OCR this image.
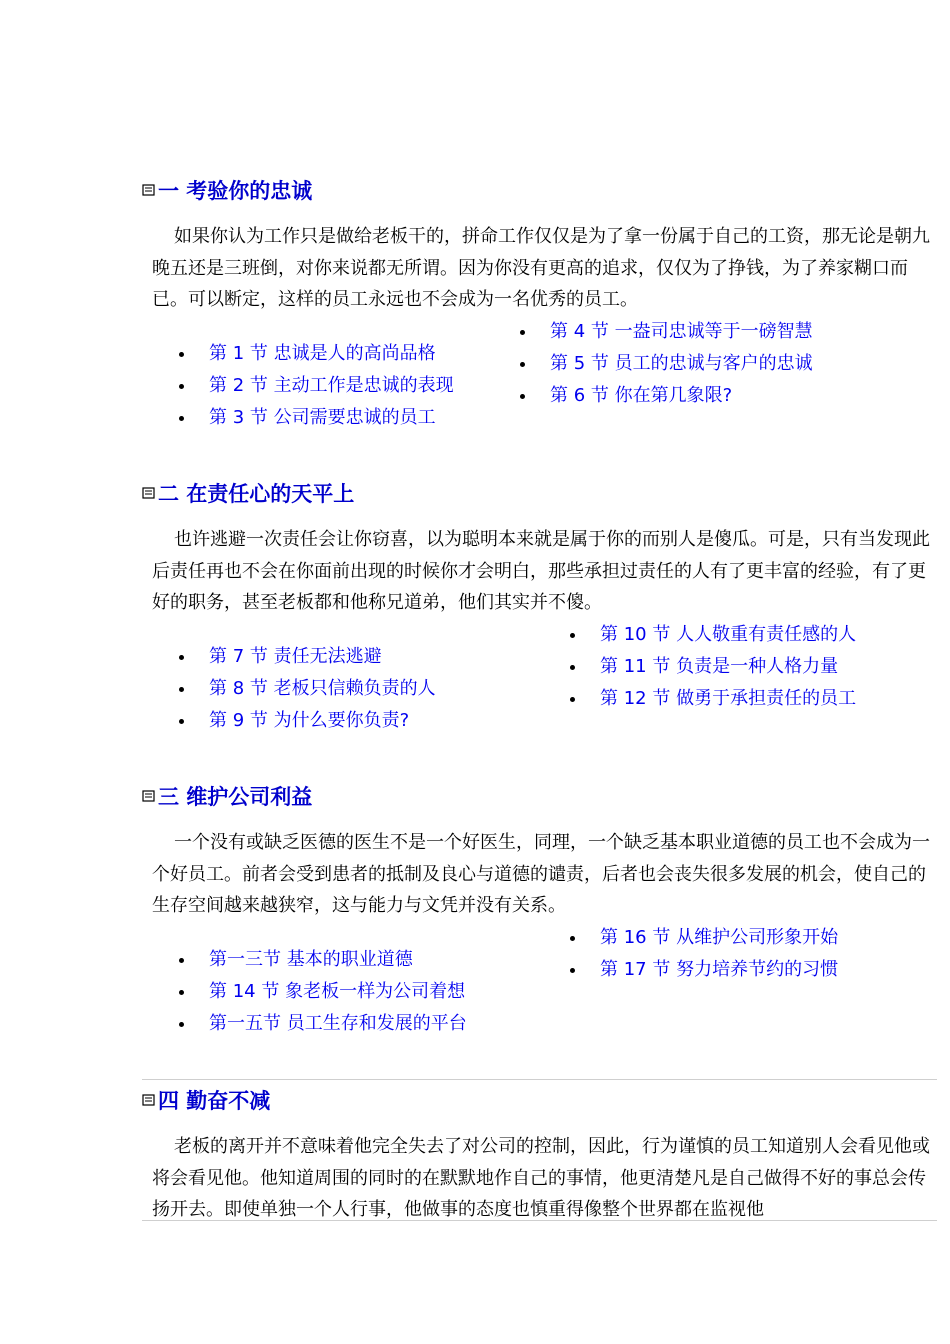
一 考验你的忠诚

如果你认为工作只是做给老板干的，拼命工作仅仅是为了拿一份属于自己的工资，那无论是朝九晚五还是三班倒，对你来说都无所谓。因为你没有更高的追求，仅仅为了挣钱，为了养家糊口而已。可以断定，这样的员工永远也不会成为一名优秀的员工。

第 1 节 忠诚是人的高尚品格
第 2 节 主动工作是忠诚的表现
第 3 节 公司需要忠诚的员工
第 4 节 一盎司忠诚等于一磅智慧
第 5 节 员工的忠诚与客户的忠诚
第 6 节 你在第几象限?
二 在责任心的天平上

也许逃避一次责任会让你窃喜，以为聪明本来就是属于你的而别人是傻瓜。可是，只有当发现此后责任再也不会在你面前出现的时候你才会明白，那些承担过责任的人有了更丰富的经验，有了更好的职务，甚至老板都和他称兄道弟，他们其实并不傻。

第 7 节 责任无法逃避
第 8 节 老板只信赖负责的人
第 9 节 为什么要你负责?
第 10 节 人人敬重有责任感的人
第 11 节 负责是一种人格力量
第 12 节 做勇于承担责任的员工
三 维护公司利益

一个没有或缺乏医德的医生不是一个好医生，同理，一个缺乏基本职业道德的员工也不会成为一个好员工。前者会受到患者的抵制及良心与道德的谴责，后者也会丧失很多发展的机会，使自己的生存空间越来越狭窄，这与能力与文凭并没有关系。

第一三节 基本的职业道德
第 14 节 象老板一样为公司着想
第一五节 员工生存和发展的平台
第 16 节 从维护公司形象开始
第 17 节 努力培养节约的习惯
四 勤奋不减

老板的离开并不意味着他完全失去了对公司的控制，因此，行为谨慎的员工知道别人会看见他或将会看见他。他知道周围的同时的在默默地作自己的事情，他更清楚凡是自己做得不好的事总会传扬开去。即使单独一个人行事，他做事的态度也慎重得像整个世界都在监视他
